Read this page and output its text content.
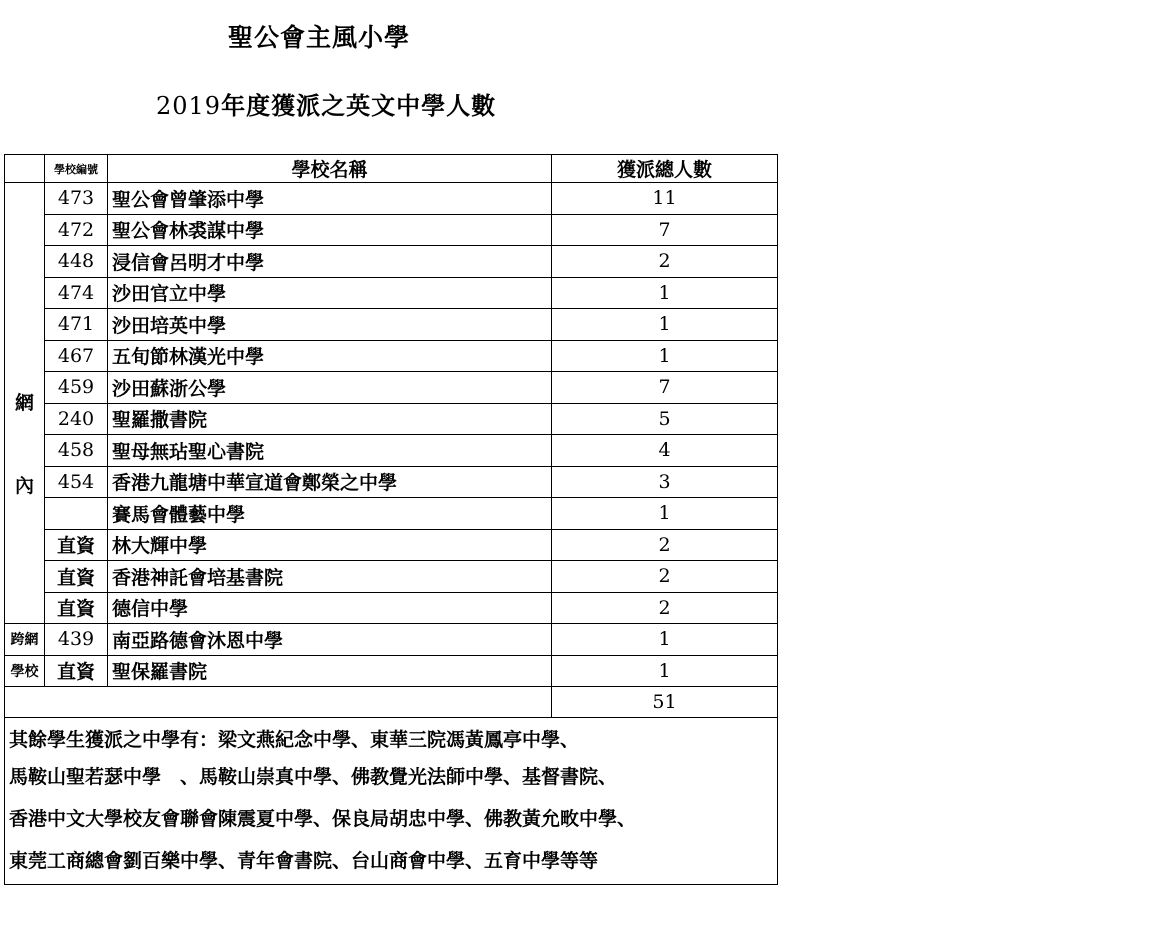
聖公會主風小學
2019年度獲派之英文中學人數
	學校編號	學校名稱	獲派總人數

網
內	473	聖公會曾肇添中學	11
	472	聖公會林裘謀中學	7
	448	浸信會呂明才中學	2
	474	沙田官立中學	1
	471	沙田培英中學	1
	467	五旬節林漢光中學	1
	459	沙田蘇浙公學	7
	240	聖羅撒書院	5
	458	聖母無玷聖心書院	4
	454	香港九龍塘中華宣道會鄭榮之中學	3
		賽馬會體藝中學	1
	直資	林大輝中學	2
	直資	香港神託會培基書院	2
	直資	德信中學	2
跨網	439	南亞路德會沐恩中學	1
學校	直資	聖保羅書院	1
			51

其餘學生獲派之中學有：梁文燕紀念中學、東華三院馮黃鳳亭中學、
馬鞍山聖若瑟中學　、馬鞍山崇真中學、佛教覺光法師中學、基督書院、
香港中文大學校友會聯會陳震夏中學、保良局胡忠中學、佛教黃允畋中學、
東莞工商總會劉百樂中學、青年會書院、台山商會中學、五育中學等等			
